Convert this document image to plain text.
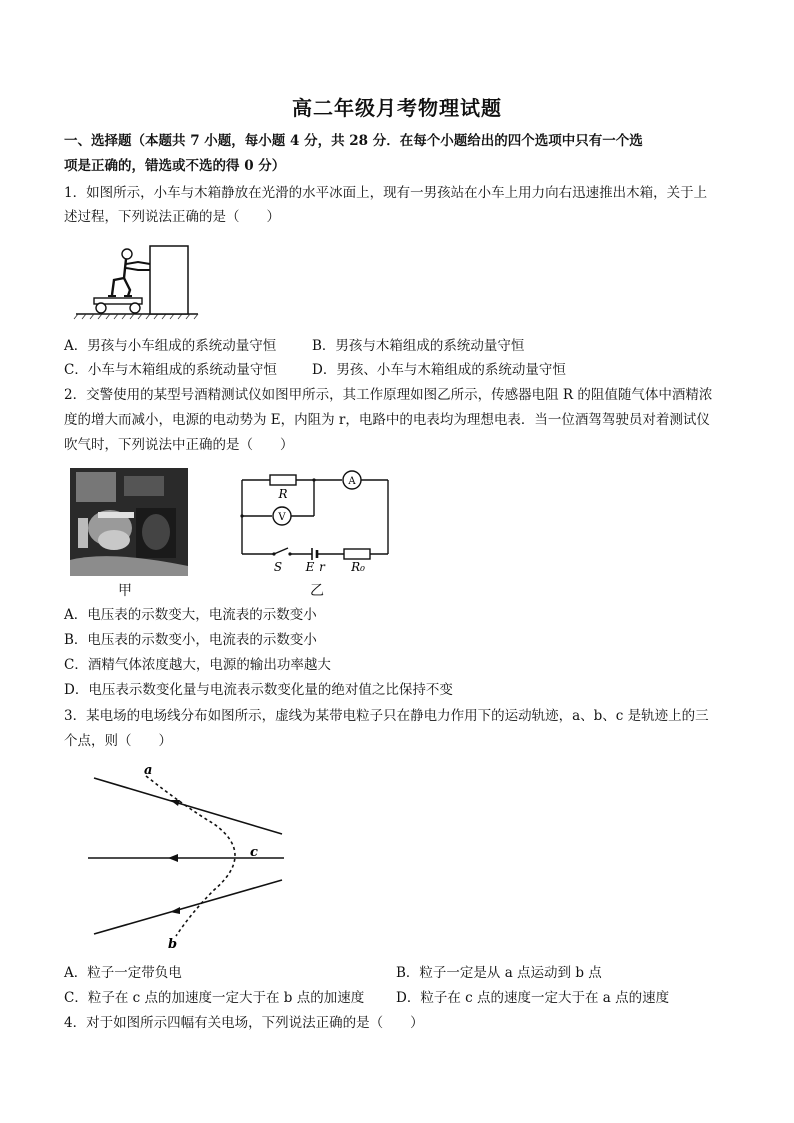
高二年级月考物理试题
一、选择题（本题共 7 小题，每小题 4 分，共 28 分．在每个小题给出的四个选项中只有一个选
项是正确的，错选或不选的得 0 分）
1．如图所示，小车与木箱静放在光滑的水平冰面上，现有一男孩站在小车上用力向右迅速推出木箱，关于上
述过程，下列说法正确的是（　　）
A．男孩与小车组成的系统动量守恒	B．男孩与木箱组成的系统动量守恒
C．小车与木箱组成的系统动量守恒	D．男孩、小车与木箱组成的系统动量守恒
2．交警使用的某型号酒精测试仪如图甲所示，其工作原理如图乙所示，传感器电阻 R 的阻值随气体中酒精浓
度的增大而减小，电源的电动势为 E，内阻为 r，电路中的电表均为理想电表．当一位酒驾驾驶员对着测试仪
吹气时，下列说法中正确的是（　　）
甲
R
A
V
S E r R₀
乙
A．电压表的示数变大，电流表的示数变小
B．电压表的示数变小，电流表的示数变小
C．酒精气体浓度越大，电源的输出功率越大
D．电压表示数变化量与电流表示数变化量的绝对值之比保持不变
3．某电场的电场线分布如图所示，虚线为某带电粒子只在静电力作用下的运动轨迹，a、b、c 是轨迹上的三
个点，则（　　）
a
c
b
A．粒子一定带负电	B．粒子一定是从 a 点运动到 b 点
C．粒子在 c 点的加速度一定大于在 b 点的加速度 D．粒子在 c 点的速度一定大于在 a 点的速度
4．对于如图所示四幅有关电场，下列说法正确的是（　　）
